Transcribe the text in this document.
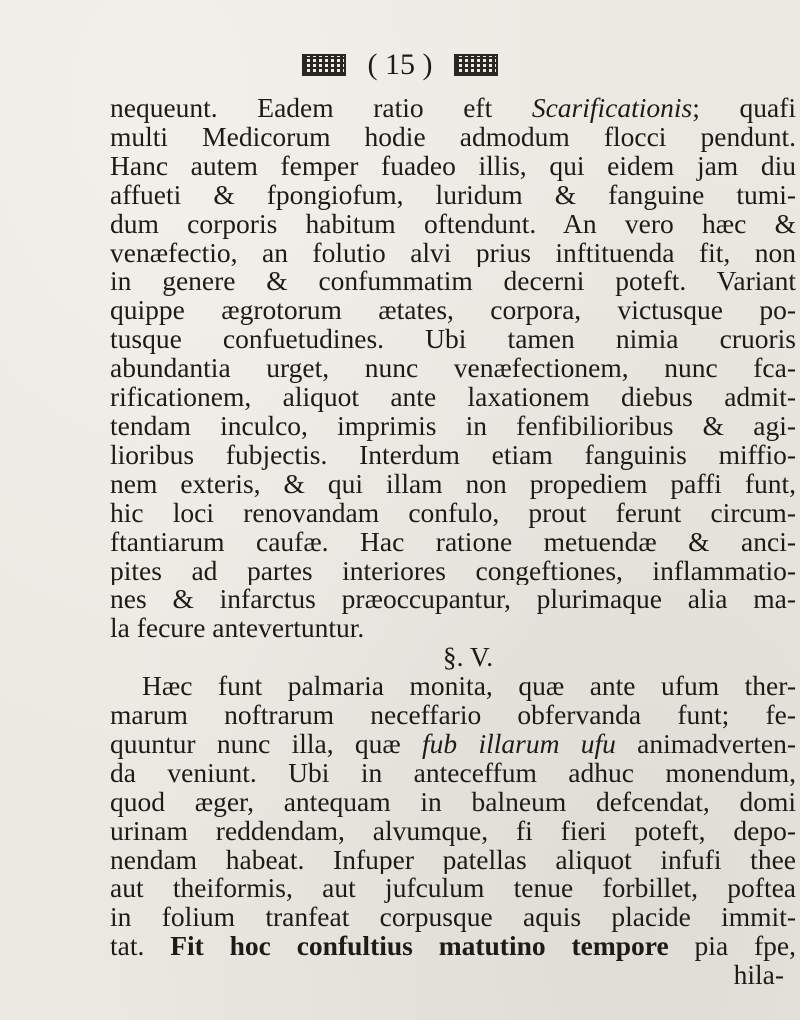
( 15 )
nequeunt. Eadem ratio eft Scarificationis; quafi
multi Medicorum hodie admodum flocci pendunt.
Hanc autem femper fuadeo illis, qui eidem jam diu
affueti & fpongiofum, luridum & fanguine tumi-
dum corporis habitum oftendunt. An vero hæc &
venæfectio, an folutio alvi prius inftituenda fit, non
in genere & confummatim decerni poteft. Variant
quippe ægrotorum ætates, corpora, victusque po-
tusque confuetudines. Ubi tamen nimia cruoris
abundantia urget, nunc venæfectionem, nunc fca-
rificationem, aliquot ante laxationem diebus admit-
tendam inculco, imprimis in fenfibilioribus & agi-
lioribus fubjectis. Interdum etiam fanguinis miffio-
nem exteris, & qui illam non propediem paffi funt,
hic loci renovandam confulo, prout ferunt circum-
ftantiarum caufæ. Hac ratione metuendæ & anci-
pites ad partes interiores congeftiones, inflammatio-
nes & infarctus præoccupantur, plurimaque alia ma-
la fecure antevertuntur.
§. V.
Hæc funt palmaria monita, quæ ante ufum ther-
marum noftrarum neceffario obfervanda funt; fe-
quuntur nunc illa, quæ fub illarum ufu animadverten-
da veniunt. Ubi in anteceffum adhuc monendum,
quod æger, antequam in balneum defcendat, domi
urinam reddendam, alvumque, fi fieri poteft, depo-
nendam habeat. Infuper patellas aliquot infufi thee
aut theiformis, aut jufculum tenue forbillet, poftea
in folium tranfeat corpusque aquis placide immit-
tat. Fit hoc confultius matutino tempore pia fpe,
hila-
